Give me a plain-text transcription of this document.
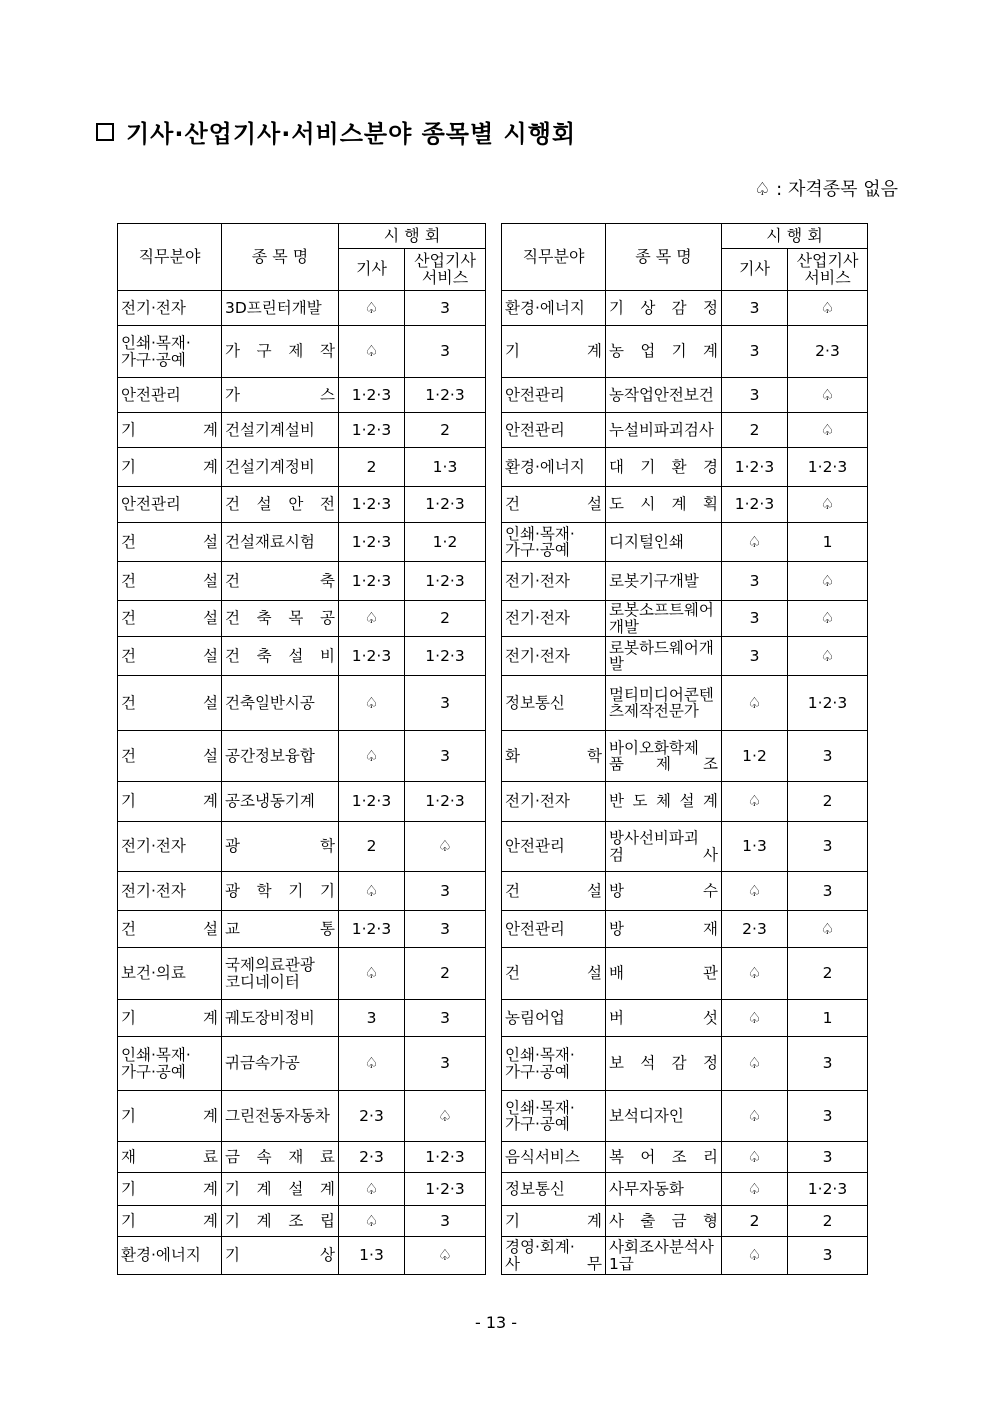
기사·산업기사·서비스분야 종목별 시행회
♤ : 자격종목 없음
직무분야	종 목 명	시 행 회	
		기사	산업기사 서비스
전기·전자	3D프린터개발	♤	3

인쇄·목재·
가구·공예	가 구 제 작	♤	3
안전관리	가 스	1·2·3	1·2·3
기 계	건설기계설비	1·2·3	2
기 계	건설기계정비	2	1·3
안전관리	건 설 안 전	1·2·3	1·2·3
건 설	건설재료시험	1·2·3	1·2
건 설	건 축	1·2·3	1·2·3
건 설	건 축 목 공	♤	2
건 설	건 축 설 비	1·2·3	1·2·3
건 설	건축일반시공	♤	3
건 설	공간정보융합	♤	3
기 계	공조냉동기계	1·2·3	1·2·3
전기·전자	광 학	2	♤
전기·전자	광 학 기 기	♤	3
건 설	교 통	1·2·3	3
보건·의료	국제의료관광
코디네이터	♤	2
기 계	궤도장비정비	3	3

인쇄·목재·
가구·공예	귀금속가공	♤	3
기 계	그린전동자동차	2·3	♤
재 료	금 속 재 료	2·3	1·2·3
기 계	기 계 설 계	♤	1·2·3
기 계	기 계 조 립	♤	3
환경·에너지	기 상	1·3	♤
직무분야	종 목 명	시 행 회	
		기사	산업기사 서비스
환경·에너지	기 상 감 정	3	♤
기 계	농 업 기 계	3	2·3
안전관리	농작업안전보건	3	♤
안전관리	누설비파괴검사	2	♤
환경·에너지	대 기 환 경	1·2·3	1·2·3
건 설	도 시 계 획	1·2·3	♤

인쇄·목재·
가구·공예	디지털인쇄	♤	1
전기·전자	로봇기구개발	3	♤
전기·전자	로봇소프트웨어개발	3	♤
전기·전자	로봇하드웨어개발	3	♤
정보통신	멀티미디어콘텐
츠제작전문가	♤	1·2·3
화 학	바이오화학제
품 제 조	1·2	3
전기·전자	반 도 체 설 계	♤	2
안전관리	방사선비파괴
검 사	1·3	3
건 설	방 수	♤	3
안전관리	방 재	2·3	♤
건 설	배 관	♤	2
농림어업	버 섯	♤	1

인쇄·목재·
가구·공예	보 석 감 정	♤	3

인쇄·목재·
가구·공예	보석디자인	♤	3
음식서비스	복 어 조 리	♤	3
정보통신	사무자동화	♤	1·2·3
기 계	사 출 금 형	2	2

경영·회계·
사 무	사회조사분석사1급	♤	3
- 13 -
